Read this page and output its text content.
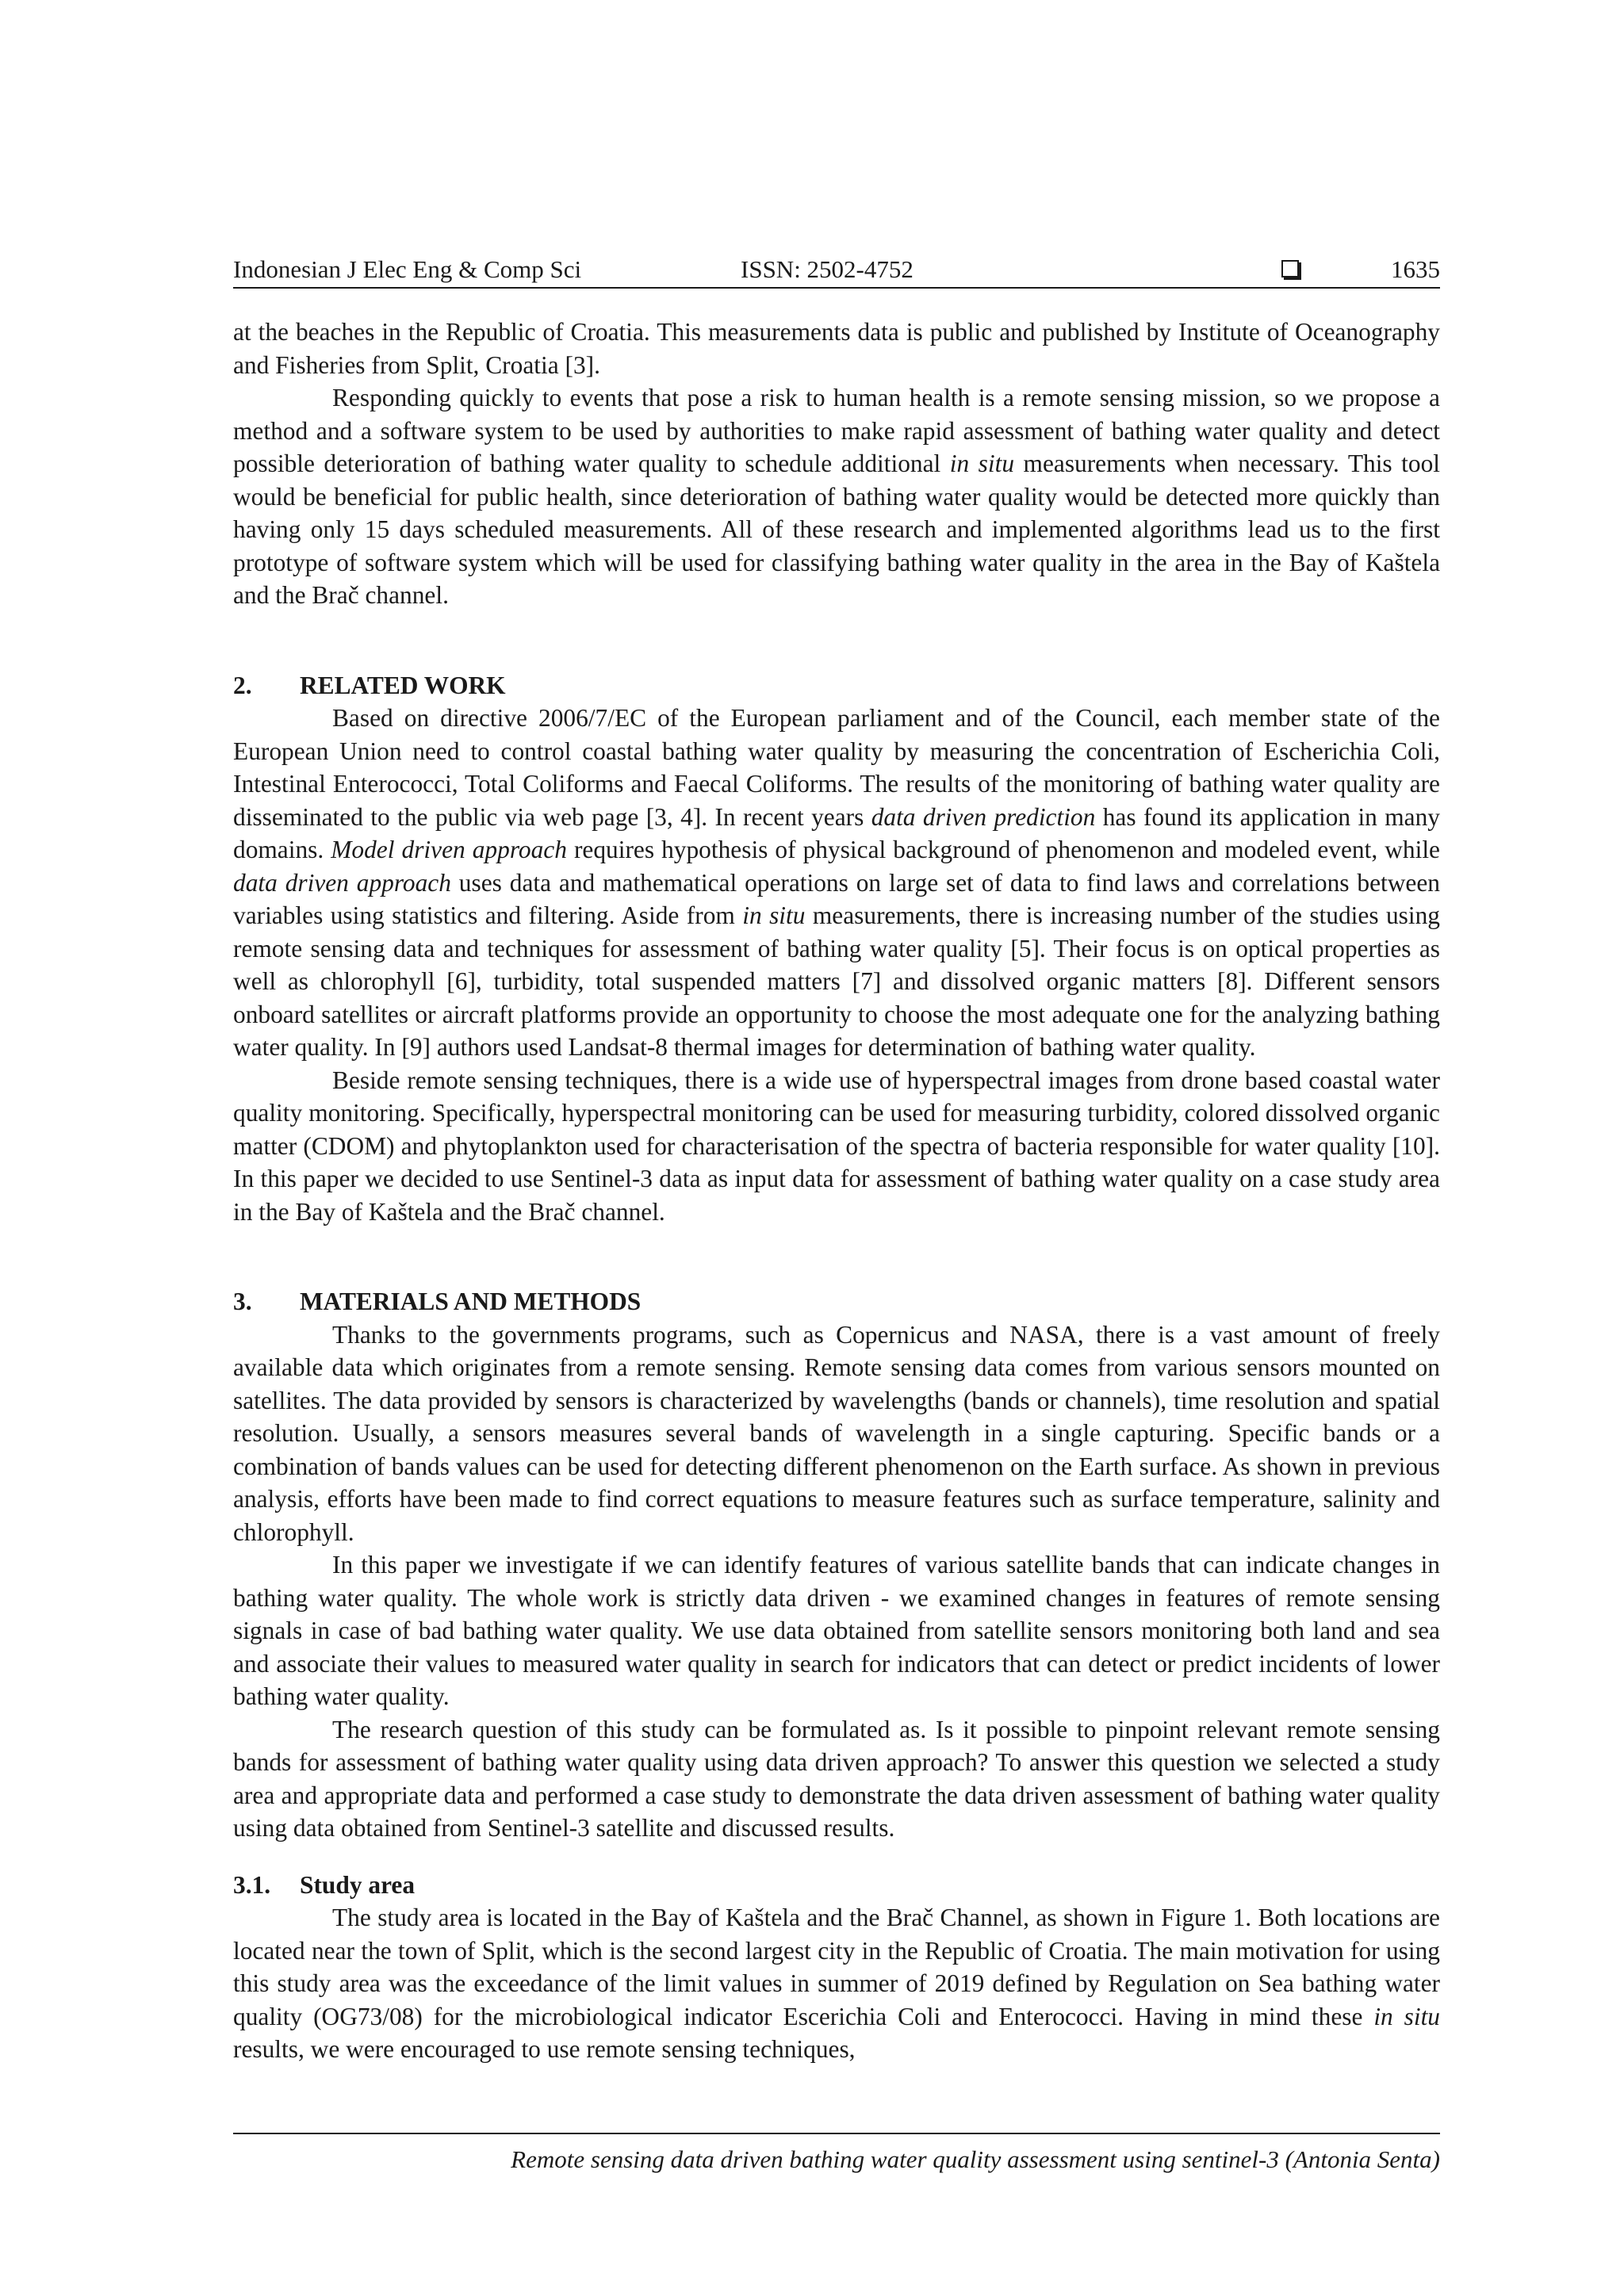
Indonesian J Elec Eng & Comp Sci	ISSN: 2502-4752	1635

at the beaches in the Republic of Croatia. This measurements data is public and published by Institute of Oceanography and Fisheries from Split, Croatia [3].

Responding quickly to events that pose a risk to human health is a remote sensing mission, so we propose a method and a software system to be used by authorities to make rapid assessment of bathing water quality and detect possible deterioration of bathing water quality to schedule additional in situ measurements when necessary. This tool would be beneficial for public health, since deterioration of bathing water quality would be detected more quickly than having only 15 days scheduled measurements. All of these research and implemented algorithms lead us to the first prototype of software system which will be used for classifying bathing water quality in the area in the Bay of Kaštela and the Brač channel.

2. RELATED WORK

Based on directive 2006/7/EC of the European parliament and of the Council, each member state of the European Union need to control coastal bathing water quality by measuring the concentration of Escherichia Coli, Intestinal Enterococci, Total Coliforms and Faecal Coliforms. The results of the monitoring of bathing water quality are disseminated to the public via web page [3, 4]. In recent years data driven prediction has found its application in many domains. Model driven approach requires hypothesis of physical background of phenomenon and modeled event, while data driven approach uses data and mathematical operations on large set of data to find laws and correlations between variables using statistics and filtering. Aside from in situ measurements, there is increasing number of the studies using remote sensing data and techniques for assessment of bathing water quality [5]. Their focus is on optical properties as well as chlorophyll [6], turbidity, total suspended matters [7] and dissolved organic matters [8]. Different sensors onboard satellites or aircraft platforms provide an opportunity to choose the most adequate one for the analyzing bathing water quality. In [9] authors used Landsat-8 thermal images for determination of bathing water quality.

Beside remote sensing techniques, there is a wide use of hyperspectral images from drone based coastal water quality monitoring. Specifically, hyperspectral monitoring can be used for measuring turbidity, colored dissolved organic matter (CDOM) and phytoplankton used for characterisation of the spectra of bacteria responsible for water quality [10]. In this paper we decided to use Sentinel-3 data as input data for assessment of bathing water quality on a case study area in the Bay of Kaštela and the Brač channel.

3. MATERIALS AND METHODS

Thanks to the governments programs, such as Copernicus and NASA, there is a vast amount of freely available data which originates from a remote sensing. Remote sensing data comes from various sensors mounted on satellites. The data provided by sensors is characterized by wavelengths (bands or channels), time resolution and spatial resolution. Usually, a sensors measures several bands of wavelength in a single capturing. Specific bands or a combination of bands values can be used for detecting different phenomenon on the Earth surface. As shown in previous analysis, efforts have been made to find correct equations to measure features such as surface temperature, salinity and chlorophyll.

In this paper we investigate if we can identify features of various satellite bands that can indicate changes in bathing water quality. The whole work is strictly data driven - we examined changes in features of remote sensing signals in case of bad bathing water quality. We use data obtained from satellite sensors monitoring both land and sea and associate their values to measured water quality in search for indicators that can detect or predict incidents of lower bathing water quality.

The research question of this study can be formulated as. Is it possible to pinpoint relevant remote sensing bands for assessment of bathing water quality using data driven approach? To answer this question we selected a study area and appropriate data and performed a case study to demonstrate the data driven assessment of bathing water quality using data obtained from Sentinel-3 satellite and discussed results.

3.1. Study area

The study area is located in the Bay of Kaštela and the Brač Channel, as shown in Figure 1. Both locations are located near the town of Split, which is the second largest city in the Republic of Croatia. The main motivation for using this study area was the exceedance of the limit values in summer of 2019 defined by Regulation on Sea bathing water quality (OG73/08) for the microbiological indicator Escerichia Coli and Enterococci. Having in mind these in situ results, we were encouraged to use remote sensing techniques,

Remote sensing data driven bathing water quality assessment using sentinel-3 (Antonia Senta)
